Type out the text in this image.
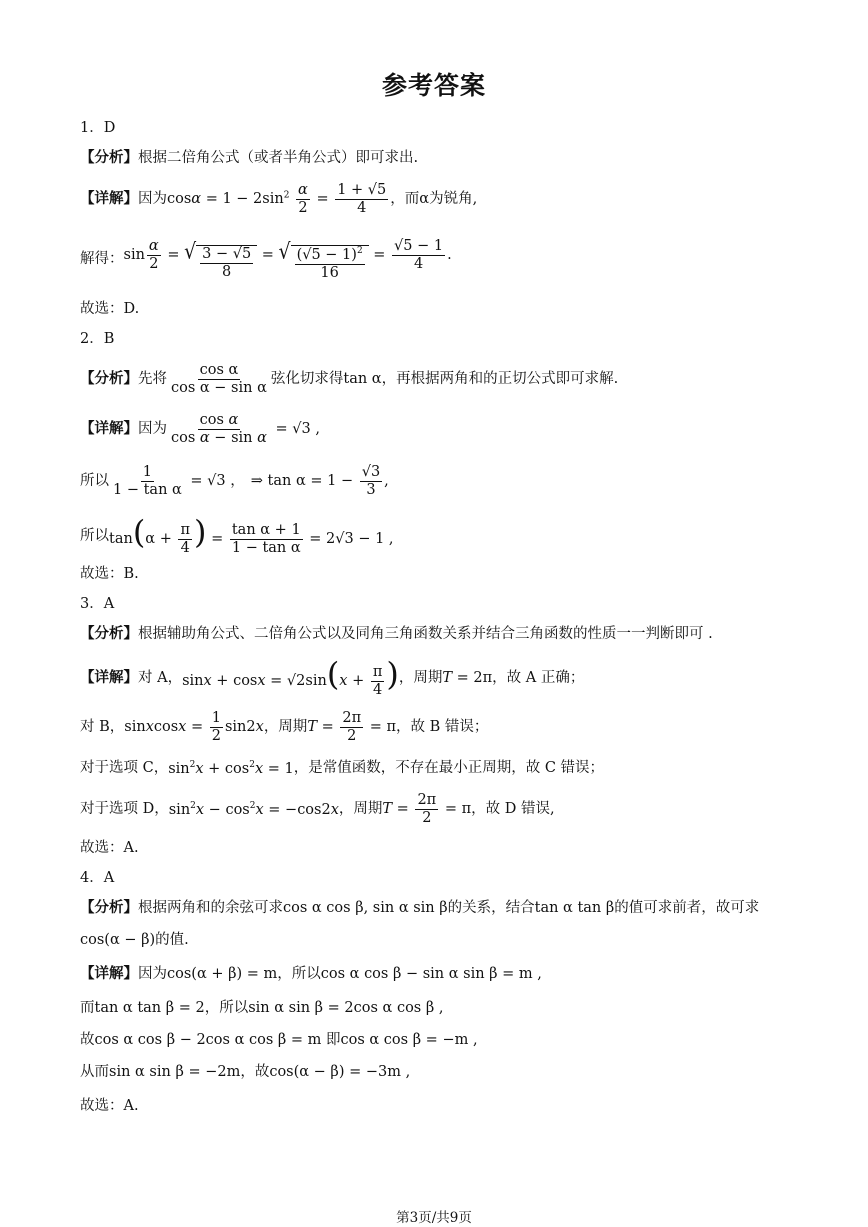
参考答案
1．D
【分析】 根据二倍角公式（或者半角公式）即可求出.
【详解】 因为 $\cos\alpha = 1 - 2\sin^2 \frac{\alpha}{2} = \frac{1 + √5}{4}$ ，而α为锐角,
解得： $\sin \frac{\alpha}{2}$ = √ $\frac{3 - √5}{8}$ = √ $\frac{(√5 - 1)^2}{16} = \frac{√5 - 1}{4}$ .
故选：D.
2．B
【分析】 先将 $\frac{\text{cos α}}{\text{cos α − sin α}}$ 弦化切求得tan α，再根据两角和的正切公式即可求解.
【详解】 因为 $\frac{\text{cos α}}{\text{cos α − sin α}} = √3$ ,
所以 $\frac{1}{\text{1 − tan α}} = √3$ ， ⇒ $\tan \alpha = 1 - \frac{√3}{3}$ ,
所以 $\tan(\alpha + \frac{\pi}{4}$ ) = $\frac{\text{tan α + 1}}{\text{1 − tan α}} = 2√3 - 1$ ,
故选：B.
3．A
【分析】 根据辅助角公式、二倍角公式以及同角三角函数关系并结合三角函数的性质一一判断即可 .
【详解】 对 A， $\sin x + \cos x = √2\sin(x + \frac{\pi}{4}$ ) ，周期 T = 2π ，故 A 正确；
对 B， sinxcosx = $\frac{1}{2} \sin 2x$ ，周期 $T = \frac{2\pi}{2} = \pi$ ，故 B 错误；
对于选项 C， $\sin^2x + \cos^2x = 1$ ，是常值函数，不存在最小正周期，故 C 错误；
对于选项 D， $\sin^2x - \cos^2x = -\cos 2x$ ，周期 $T = \frac{2\pi}{2} = \pi$ ，故 D 错误,
故选：A.
4．A
【分析】 根据两角和的余弦可求cos α cos β, sin α sin β的关系，结合tan α tan β的值可求前者，故可求
cos(α − β)的值.
【详解】 因为cos(α + β) = m，所以cos α cos β − sin α sin β = m ,
而tan α tan β = 2，所以sin α sin β = 2cos α cos β ,
故cos α cos β − 2cos α cos β = m 即cos α cos β = −m ,
从而sin α sin β = −2m，故cos(α − β) = −3m ,
故选：A.
第3页/共9页
